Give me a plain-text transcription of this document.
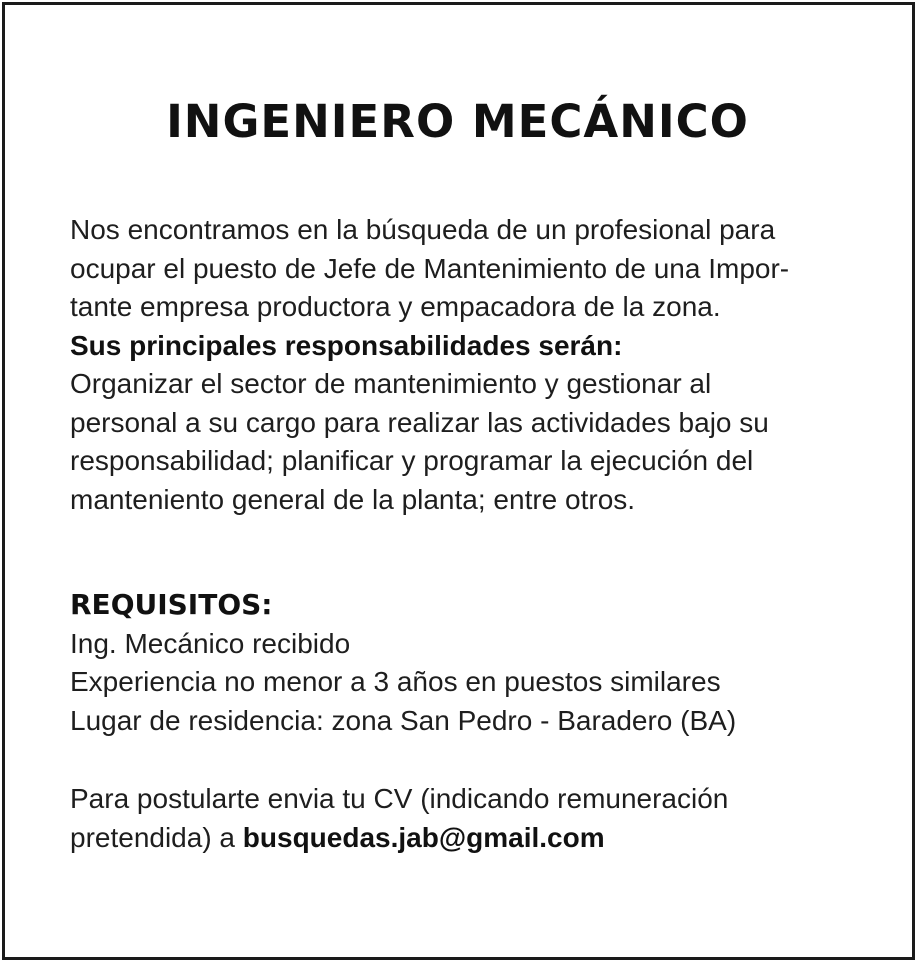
INGENIERO MECÁNICO
Nos encontramos en la búsqueda de un profesional para
ocupar el puesto de Jefe de Mantenimiento de una Impor-
tante empresa productora y empacadora de la zona.
Sus principales responsabilidades serán:
Organizar el sector de mantenimiento y gestionar al
personal a su cargo para realizar las actividades bajo su
responsabilidad; planificar y programar la ejecución del
manteniento general de la planta; entre otros.
REQUISITOS:
Ing. Mecánico recibido
Experiencia no menor a 3 años en puestos similares
Lugar de residencia: zona San Pedro - Baradero (BA)
Para postularte envia tu CV (indicando remuneración
pretendida) a busquedas.jab@gmail.com
